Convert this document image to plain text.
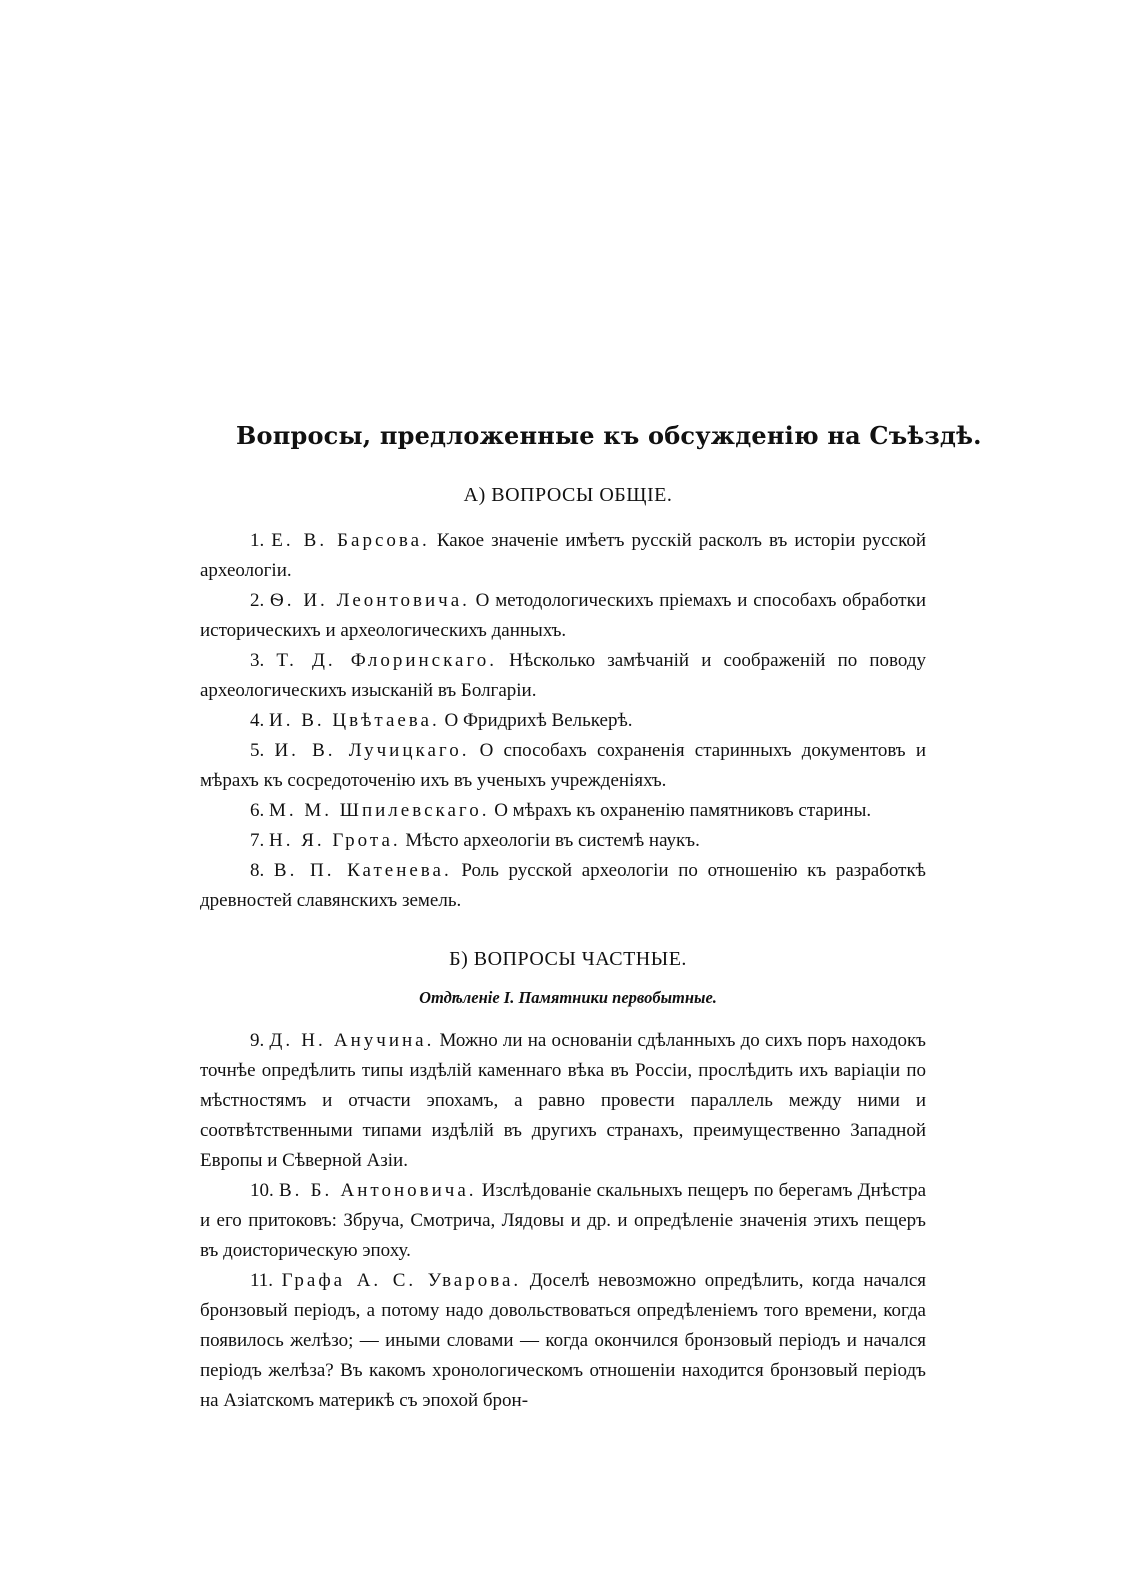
Вопросы, предложенные къ обсужденію на Съѣздѣ.
А) ВОПРОСЫ ОБЩІЕ.

1. Е. В. Барсова. Какое значеніе имѣетъ русскій расколъ въ исторіи русской археологіи.

2. Ѳ. И. Леонтовича. О методологическихъ пріемахъ и способахъ обработки историческихъ и археологическихъ данныхъ.

3. Т. Д. Флоринскаго. Нѣсколько замѣчаній и соображеній по поводу археологическихъ изысканій въ Болгаріи.

4. И. В. Цвѣтаева. О Фридрихѣ Велькерѣ.

5. И. В. Лучицкаго. О способахъ сохраненія старинныхъ документовъ и мѣрахъ къ сосредоточенію ихъ въ ученыхъ учрежденіяхъ.

6. М. М. Шпилевскаго. О мѣрахъ къ охраненію памятниковъ старины.

7. Н. Я. Грота. Мѣсто археологіи въ системѣ наукъ.

8. В. П. Катенева. Роль русской археологіи по отношенію къ разработкѣ древностей славянскихъ земель.

Б) ВОПРОСЫ ЧАСТНЫЕ.
Отдѣленіе I. Памятники первобытные.

9. Д. Н. Анучина. Можно ли на основаніи сдѣланныхъ до сихъ поръ находокъ точнѣе опредѣлить типы издѣлій каменнаго вѣка въ Россіи, прослѣдить ихъ варіаціи по мѣстностямъ и отчасти эпохамъ, а равно провести параллель между ними и соотвѣтственными типами издѣлій въ другихъ странахъ, преимущественно Западной Европы и Сѣверной Азіи.

10. В. Б. Антоновича. Изслѣдованіе скальныхъ пещеръ по берегамъ Днѣстра и его притоковъ: Збруча, Смотрича, Лядовы и др. и опредѣленіе значенія этихъ пещеръ въ доисторическую эпоху.

11. Графа А. С. Уварова. Доселѣ невозможно опредѣлить, когда начался бронзовый періодъ, а потому надо довольствоваться опредѣленіемъ того времени, когда появилось желѣзо; — иными словами — когда окончился бронзовый періодъ и начался періодъ желѣза? Въ какомъ хронологическомъ отношеніи находится бронзовый періодъ на Азіатскомъ материкѣ съ эпохой брон-
